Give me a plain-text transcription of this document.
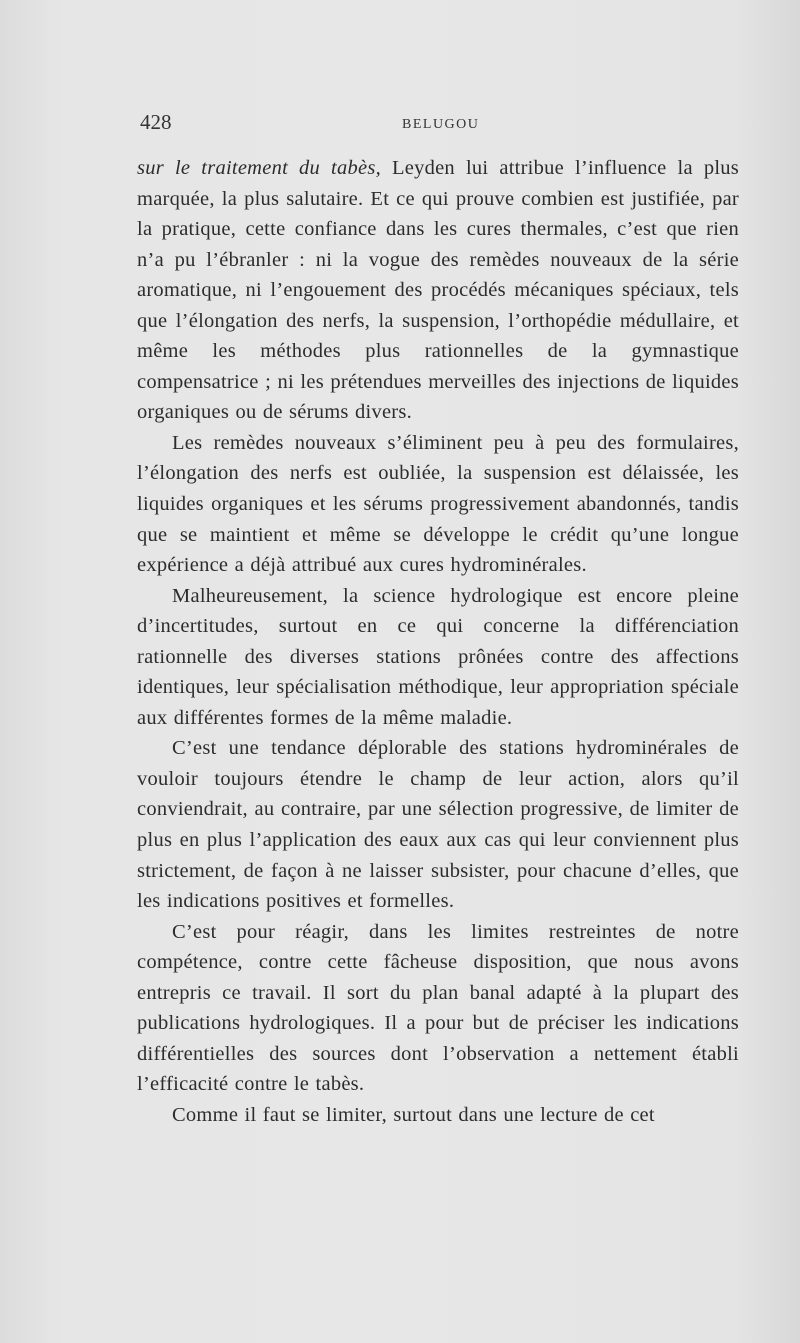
428	BELUGOU

sur le traitement du tabès, Leyden lui attribue l’influence la plus marquée, la plus salutaire. Et ce qui prouve combien est justifiée, par la pratique, cette confiance dans les cures thermales, c’est que rien n’a pu l’ébranler : ni la vogue des remèdes nouveaux de la série aromatique, ni l’engouement des procédés mécaniques spéciaux, tels que l’élongation des nerfs, la suspension, l’orthopédie médullaire, et même les méthodes plus rationnelles de la gymnastique compensatrice ; ni les prétendues merveilles des injections de liquides organiques ou de sérums divers.

Les remèdes nouveaux s’éliminent peu à peu des formulaires, l’élongation des nerfs est oubliée, la suspension est délaissée, les liquides organiques et les sérums progressivement abandonnés, tandis que se maintient et même se développe le crédit qu’une longue expérience a déjà attribué aux cures hydrominérales.

Malheureusement, la science hydrologique est encore pleine d’incertitudes, surtout en ce qui concerne la différenciation rationnelle des diverses stations prônées contre des affections identiques, leur spécialisation méthodique, leur appropriation spéciale aux différentes formes de la même maladie.

C’est une tendance déplorable des stations hydrominérales de vouloir toujours étendre le champ de leur action, alors qu’il conviendrait, au contraire, par une sélection progressive, de limiter de plus en plus l’application des eaux aux cas qui leur conviennent plus strictement, de façon à ne laisser subsister, pour chacune d’elles, que les indications positives et formelles.

C’est pour réagir, dans les limites restreintes de notre compétence, contre cette fâcheuse disposition, que nous avons entrepris ce travail. Il sort du plan banal adapté à la plupart des publications hydrologiques. Il a pour but de préciser les indications différentielles des sources dont l’observation a nettement établi l’efficacité contre le tabès.

Comme il faut se limiter, surtout dans une lecture de cet
